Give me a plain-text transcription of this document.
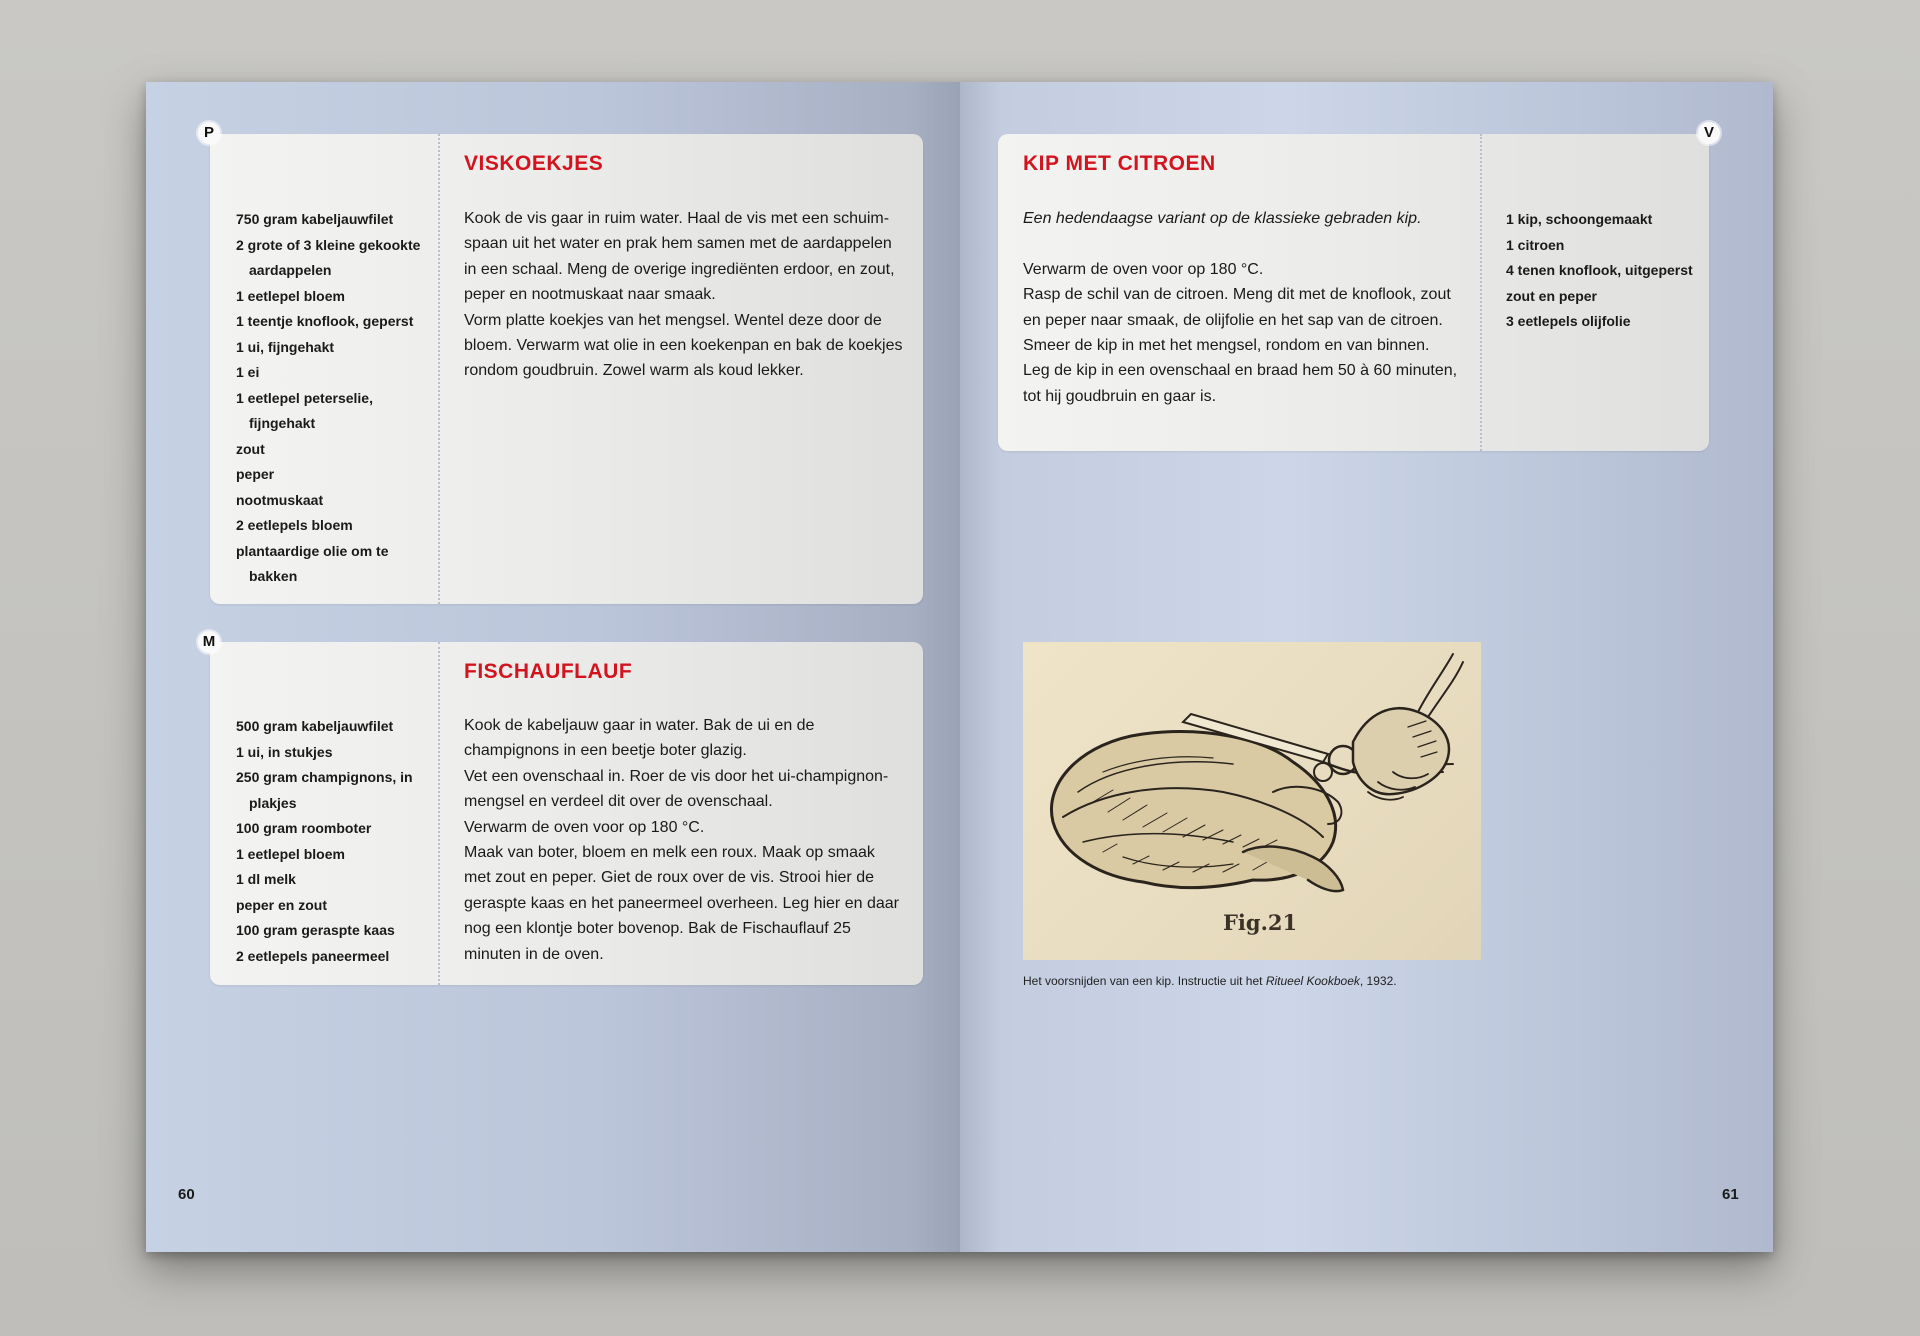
750 gram kabeljauwfilet
2 grote of 3 kleine gekookte aardappelen
1 eetlepel bloem
1 teentje knoflook, geperst
1 ui, fijngehakt
1 ei
1 eetlepel peterselie, fijngehakt
zout
peper
nootmuskaat
2 eetlepels bloem
plantaardige olie om te bakken
VISKOEKJES

Kook de vis gaar in ruim water. Haal de vis met een schuim-spaan uit het water en prak hem samen met de aardappelen in een schaal. Meng de overige ingrediënten erdoor, en zout, peper en nootmuskaat naar smaak.

Vorm platte koekjes van het mengsel. Wentel deze door de bloem. Verwarm wat olie in een koekenpan en bak de koekjes rondom goudbruin. Zowel warm als koud lekker.

P
500 gram kabeljauwfilet
1 ui, in stukjes
250 gram champignons, in plakjes
100 gram roomboter
1 eetlepel bloem
1 dl melk
peper en zout
100 gram geraspte kaas
2 eetlepels paneermeel
FISCHAUFLAUF

Kook de kabeljauw gaar in water. Bak de ui en de champignons in een beetje boter glazig.

Vet een ovenschaal in. Roer de vis door het ui-champignon-mengsel en verdeel dit over de ovenschaal.

Verwarm de oven voor op 180 °C.

Maak van boter, bloem en melk een roux. Maak op smaak met zout en peper. Giet de roux over de vis. Strooi hier de geraspte kaas en het paneermeel overheen. Leg hier en daar nog een klontje boter bovenop. Bak de Fischauflauf 25 minuten in de oven.

M
60
KIP MET CITROEN

Een hedendaagse variant op de klassieke gebraden kip.

Verwarm de oven voor op 180 °C.

Rasp de schil van de citroen. Meng dit met de knoflook, zout en peper naar smaak, de olijfolie en het sap van de citroen. Smeer de kip in met het mengsel, rondom en van binnen.

Leg de kip in een ovenschaal en braad hem 50 à 60 minuten, tot hij goudbruin en gaar is.

1 kip, schoongemaakt
1 citroen
4 tenen knoflook, uitgeperst
zout en peper
3 eetlepels olijfolie
V
Fig.21
Het voorsnijden van een kip. Instructie uit het Ritueel Kookboek, 1932.
61
